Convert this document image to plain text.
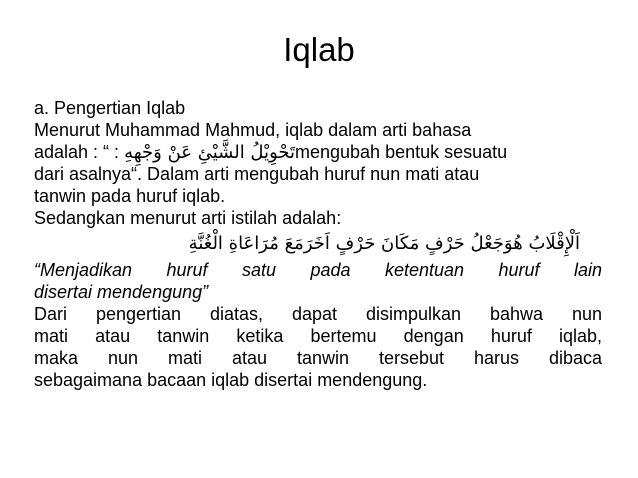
Iqlab
a. Pengertian Iqlab
Menurut Muhammad Mahmud, iqlab dalam arti bahasa
adalah : “ : تَحْوِيْلُ الشَّيْئِ عَنْ وَجْهِهِmengubah bentuk sesuatu
dari asalnya“. Dalam arti mengubah huruf nun mati atau
tanwin pada huruf iqlab.
Sedangkan menurut arti istilah adalah:
اَلْإِقْلَابُ هُوَجَعْلُ حَرْفٍ مَكَانَ حَرْفٍ اَخَرَمَعَ مُرَاعَاةِ الْغُنَّةِ
“Menjadikan huruf satu pada ketentuan huruf lain
disertai mendengung”
Dari pengertian diatas, dapat disimpulkan bahwa nun
mati atau tanwin ketika bertemu dengan huruf iqlab,
maka nun mati atau tanwin tersebut harus dibaca
sebagaimana bacaan iqlab disertai mendengung.
